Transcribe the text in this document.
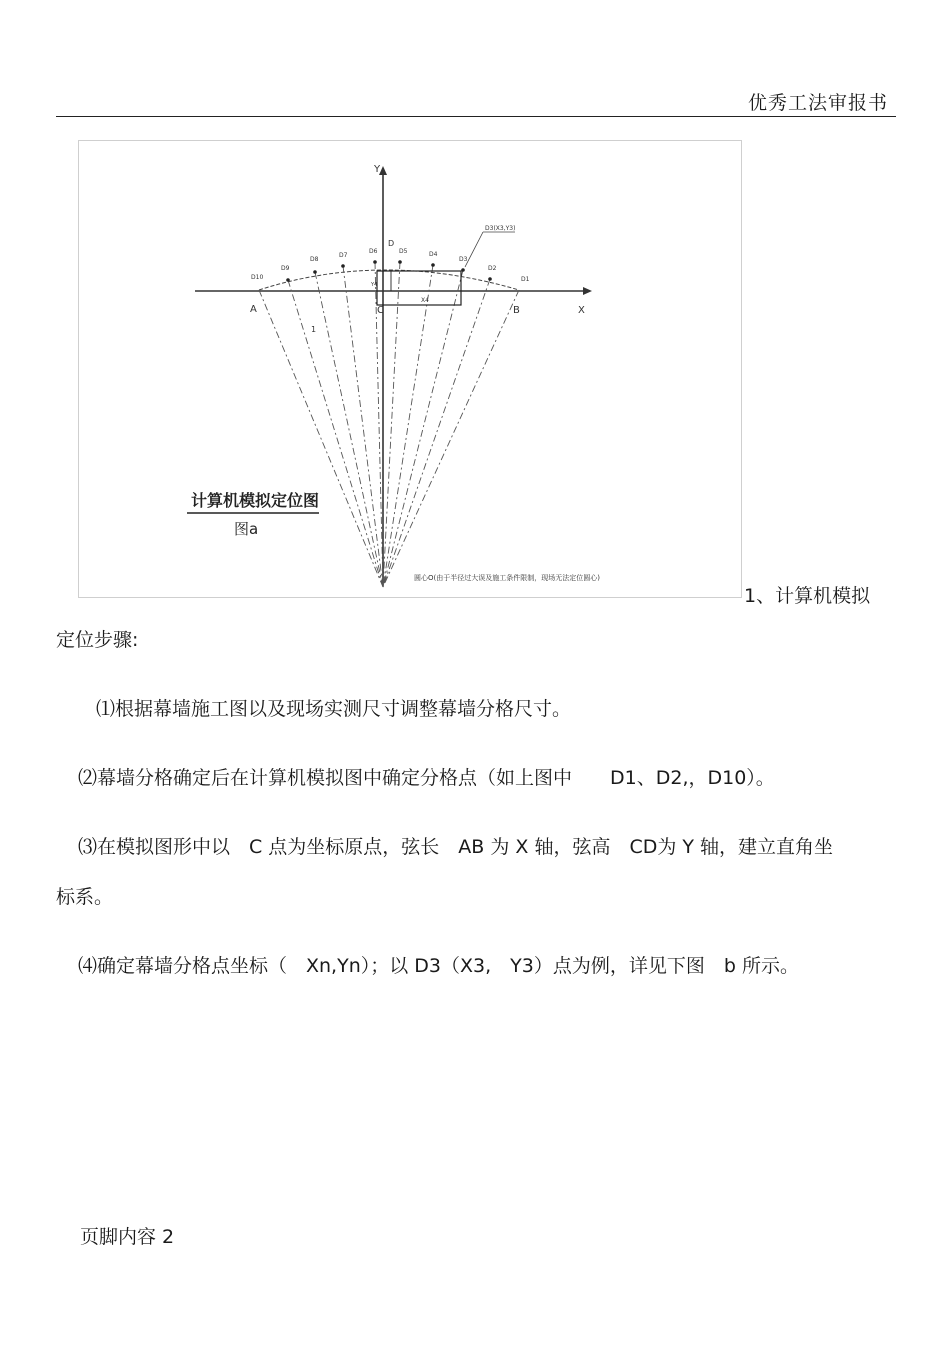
优秀工法审报书
Y
X
D10
D9
D8
D7
D6	D5	D4
D3
D2
D1
D3(X3,Y3)
X4
Y4
A	B
C
D
1
计算机模拟定位图
图a
圆心O(由于半径过大误及施工条件限制，现场无法定位圆心)
1、计算机模拟
定位步骤:
⑴根据幕墙施工图以及现场实测尺寸调整幕墙分格尺寸。
⑵幕墙分格确定后在计算机模拟图中确定分格点（如上图中　　D1、D2,，D10）。
⑶在模拟图形中以　C 点为坐标原点，弦长　AB 为 X 轴，弦高　CD为 Y 轴，建立直角坐
标系。
⑷确定幕墙分格点坐标（　Xn,Yn）；以 D3（X3,　Y3）点为例，详见下图　b 所示。
页脚内容 2
